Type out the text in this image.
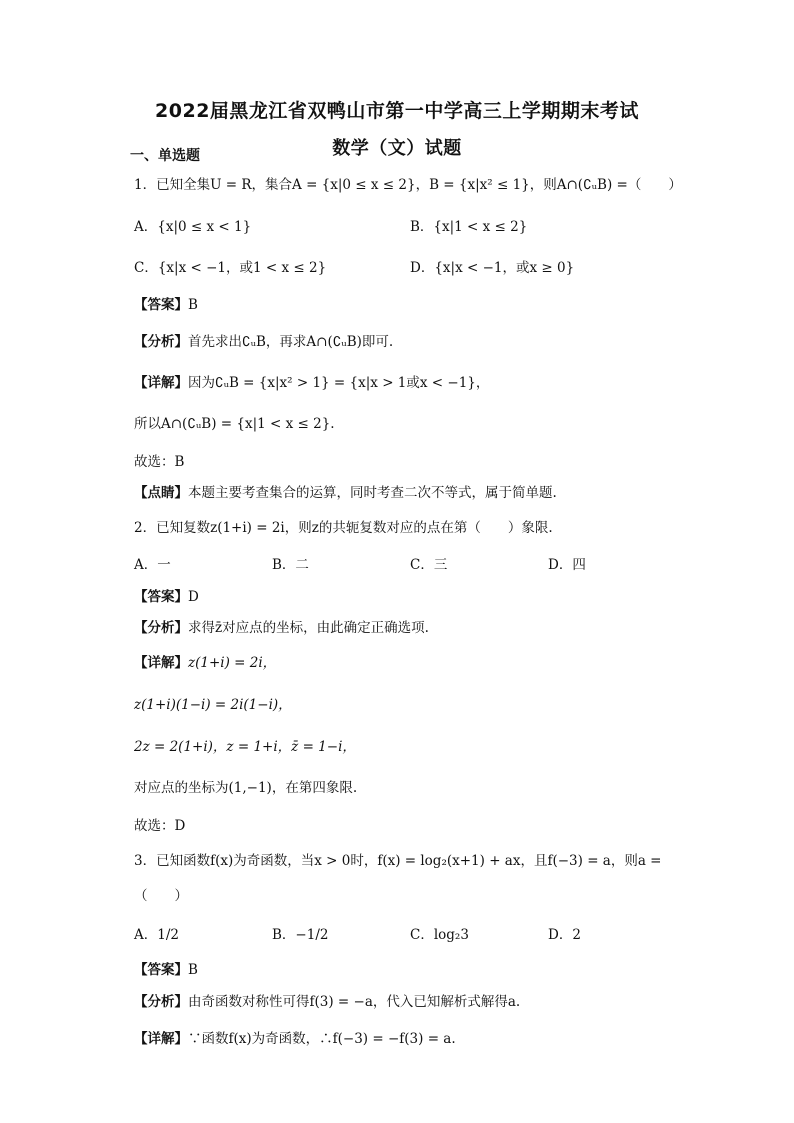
2022届黑龙江省双鸭山市第一中学高三上学期期末考试
数学（文）试题
一、单选题
1．已知全集U = R，集合A = {x|0 ≤ x ≤ 2}，B = {x|x² ≤ 1}，则A∩(∁ᵤB) =（　　）
A．{x|0 ≤ x < 1}	B．{x|1 < x ≤ 2}
C．{x|x < −1，或1 < x ≤ 2}	D．{x|x < −1，或x ≥ 0}
【答案】B
【分析】首先求出∁ᵤB，再求A∩(∁ᵤB)即可.
【详解】因为∁ᵤB = {x|x² > 1} = {x|x > 1或x < −1}，
所以A∩(∁ᵤB) = {x|1 < x ≤ 2}.
故选：B
【点睛】本题主要考查集合的运算，同时考查二次不等式，属于简单题.
2．已知复数z(1+i) = 2i，则z的共轭复数对应的点在第（　　）象限.
A．一	B．二	C．三	D．四
【答案】D
【分析】求得z̄对应点的坐标，由此确定正确选项.
【详解】z(1+i) = 2i，
z(1+i)(1−i) = 2i(1−i)，
2z = 2(1+i)，z = 1+i，z̄ = 1−i，
对应点的坐标为(1,−1)，在第四象限.
故选：D
3．已知函数f(x)为奇函数，当x > 0时，f(x) = log₂(x+1) + ax，且f(−3) = a，则a =
（　　）
A．1/2	B．−1/2	C．log₂3	D．2
【答案】B
【分析】由奇函数对称性可得f(3) = −a，代入已知解析式解得a.
【详解】∵函数f(x)为奇函数，∴f(−3) = −f(3) = a.
